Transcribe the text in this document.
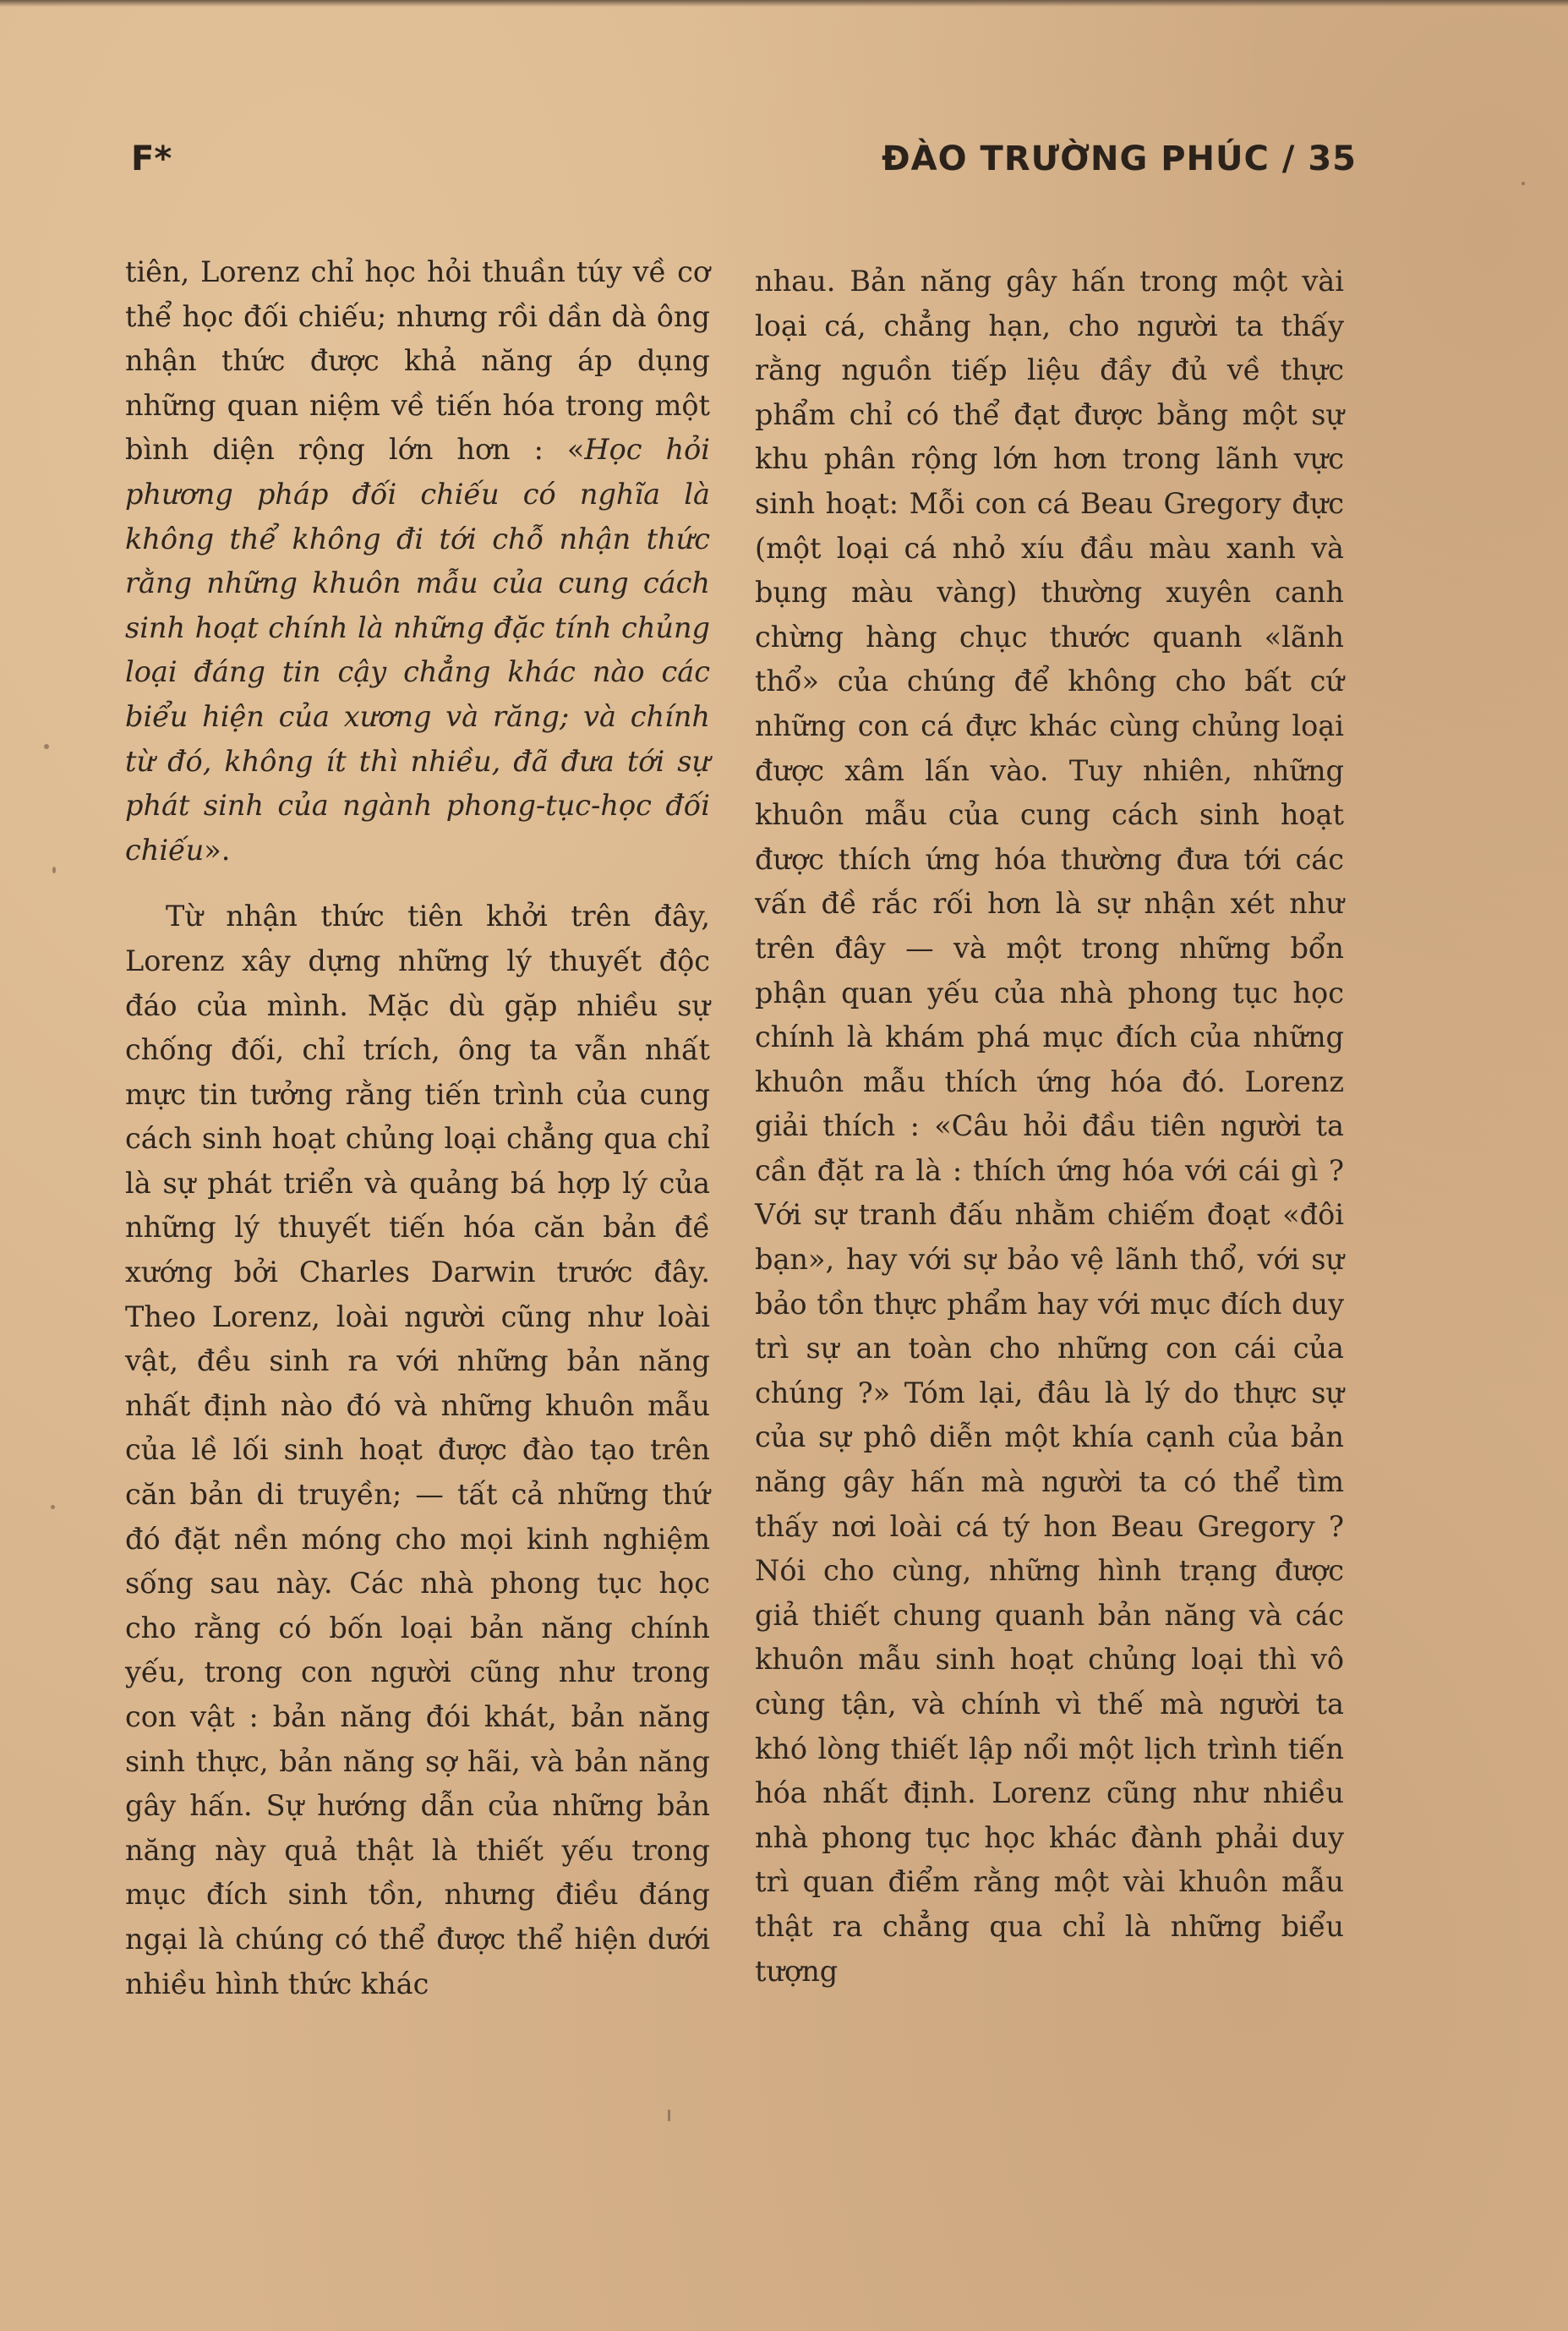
F*	ĐÀO TRƯỜNG PHÚC / 35

tiên, Lorenz chỉ học hỏi thuần túy về cơ thể học đối chiếu; nhưng rồi dần dà ông nhận thức được khả năng áp dụng những quan niệm về tiến hóa trong một bình diện rộng lớn hơn : «Học hỏi phương pháp đối chiếu có nghĩa là không thể không đi tới chỗ nhận thức rằng những khuôn mẫu của cung cách sinh hoạt chính là những đặc tính chủng loại đáng tin cậy chẳng khác nào các biểu hiện của xương và răng; và chính từ đó, không ít thì nhiều, đã đưa tới sự phát sinh của ngành phong-tục-học đối chiếu».

Từ nhận thức tiên khởi trên đây, Lorenz xây dựng những lý thuyết độc đáo của mình. Mặc dù gặp nhiều sự chống đối, chỉ trích, ông ta vẫn nhất mực tin tưởng rằng tiến trình của cung cách sinh hoạt chủng loại chẳng qua chỉ là sự phát triển và quảng bá hợp lý của những lý thuyết tiến hóa căn bản đề xướng bởi Charles Darwin trước đây. Theo Lorenz, loài người cũng như loài vật, đều sinh ra với những bản năng nhất định nào đó và những khuôn mẫu của lề lối sinh hoạt được đào tạo trên căn bản di truyền; — tất cả những thứ đó đặt nền móng cho mọi kinh nghiệm sống sau này. Các nhà phong tục học cho rằng có bốn loại bản năng chính yếu, trong con người cũng như trong con vật : bản năng đói khát, bản năng sinh thực, bản năng sợ hãi, và bản năng gây hấn. Sự hướng dẫn của những bản năng này quả thật là thiết yếu trong mục đích sinh tồn, nhưng điều đáng ngại là chúng có thể được thể hiện dưới nhiều hình thức khác

nhau. Bản năng gây hấn trong một vài loại cá, chẳng hạn, cho người ta thấy rằng nguồn tiếp liệu đầy đủ về thực phẩm chỉ có thể đạt được bằng một sự khu phân rộng lớn hơn trong lãnh vực sinh hoạt: Mỗi con cá Beau Gregory đực (một loại cá nhỏ xíu đầu màu xanh và bụng màu vàng) thường xuyên canh chừng hàng chục thước quanh «lãnh thổ» của chúng để không cho bất cứ những con cá đực khác cùng chủng loại được xâm lấn vào. Tuy nhiên, những khuôn mẫu của cung cách sinh hoạt được thích ứng hóa thường đưa tới các vấn đề rắc rối hơn là sự nhận xét như trên đây — và một trong những bổn phận quan yếu của nhà phong tục học chính là khám phá mục đích của những khuôn mẫu thích ứng hóa đó. Lorenz giải thích : «Câu hỏi đầu tiên người ta cần đặt ra là : thích ứng hóa với cái gì ? Với sự tranh đấu nhằm chiếm đoạt «đôi bạn», hay với sự bảo vệ lãnh thổ, với sự bảo tồn thực phẩm hay với mục đích duy trì sự an toàn cho những con cái của chúng ?» Tóm lại, đâu là lý do thực sự của sự phô diễn một khía cạnh của bản năng gây hấn mà người ta có thể tìm thấy nơi loài cá tý hon Beau Gregory ? Nói cho cùng, những hình trạng được giả thiết chung quanh bản năng và các khuôn mẫu sinh hoạt chủng loại thì vô cùng tận, và chính vì thế mà người ta khó lòng thiết lập nổi một lịch trình tiến hóa nhất định. Lorenz cũng như nhiều nhà phong tục học khác đành phải duy trì quan điểm rằng một vài khuôn mẫu thật ra chẳng qua chỉ là những biểu tượng
